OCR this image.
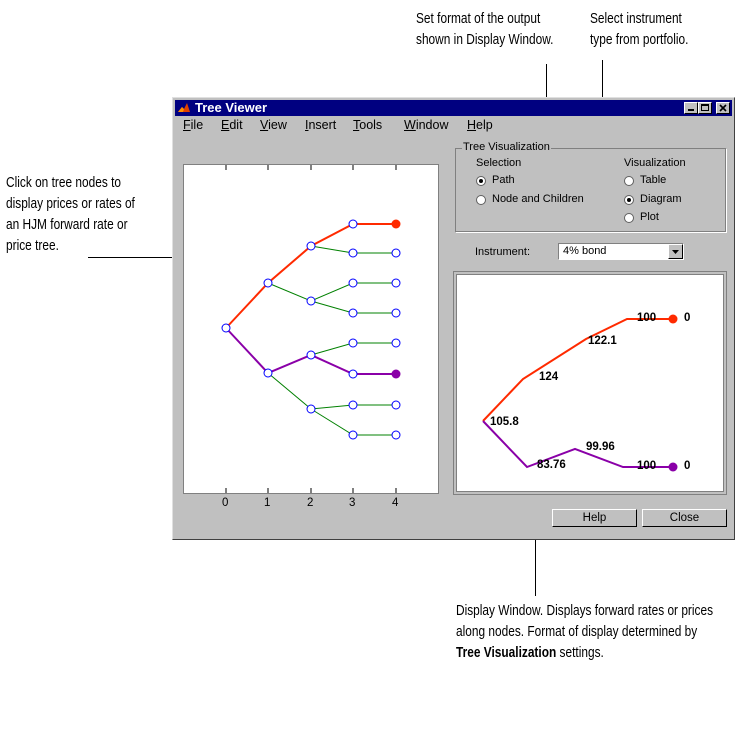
Set format of the output
shown in Display Window.
Select instrument
type from portfolio.
Click on tree nodes to
display prices or rates of
an HJM forward rate or
price tree.
Display Window. Displays forward rates or prices
along nodes. Format of display determined by
Tree Visualization settings.
Tree Viewer
File Edit View Insert Tools Window Help
0	1	2	3	4
Tree Visualization
Selection
Path
Node and Children
Visualization
Table
Diagram
Plot
Instrument:	4% bond
105.8
124
122.1
100 0
83.76
99.96
100 0
Help	Close
